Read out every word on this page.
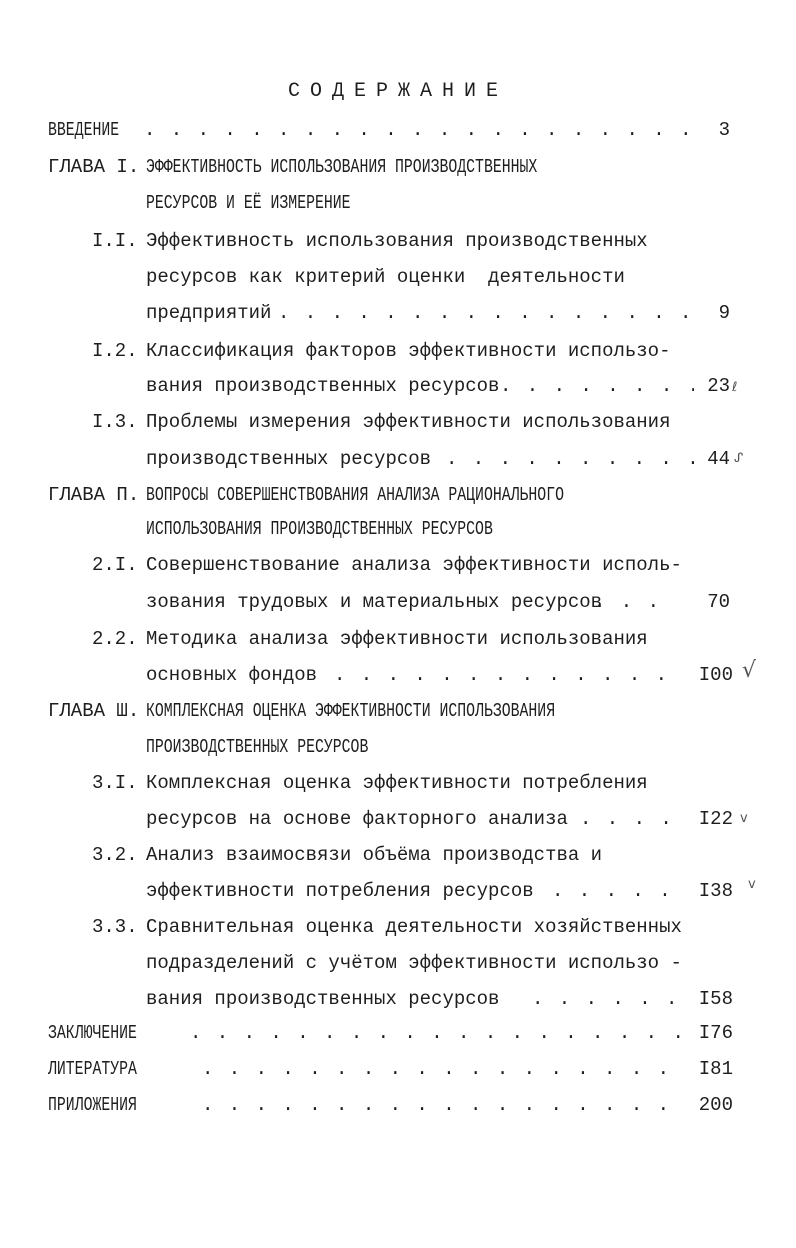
СОДЕРЖАНИЕ
ВВЕДЕНИЕ . . .	3
ГЛАВА I. ЭФФЕКТИВНОСТЬ ИСПОЛЬЗОВАНИЯ ПРОИЗВОДСТВЕННЫХ
РЕСУРСОВ И ЕЁ ИЗМЕРЕНИЕ
I.I. Эффективность использования производственных
ресурсов как критерий оценки  деятельности
предприятий . . .	9
I.2. Классификация факторов эффективности использо-
вания производственных ресурсов . . .	23 ℓ
I.3. Проблемы измерения эффективности использования
производственных ресурсов . . .	44 ᔑ
ГЛАВА П. ВОПРОСЫ СОВЕРШЕНСТВОВАНИЯ АНАЛИЗА РАЦИОНАЛЬНОГО
ИСПОЛЬЗОВАНИЯ ПРОИЗВОДСТВЕННЫХ РЕСУРСОВ
2.I. Совершенствование анализа эффективности исполь-
зования трудовых и материальных ресурсов . . .	70
2.2. Методика анализа эффективности использования
основных фондов . . .	I00 √
ГЛАВА Ш. КОМПЛЕКСНАЯ ОЦЕНКА ЭФФЕКТИВНОСТИ ИСПОЛЬЗОВАНИЯ
ПРОИЗВОДСТВЕННЫХ РЕСУРСОВ
3.I. Комплексная оценка эффективности потребления
ресурсов на основе факторного анализа . . .	I22 v
3.2. Анализ взаимосвязи объёма производства и
эффективности потребления ресурсов . . .	I38 v
3.3. Сравнительная оценка деятельности хозяйственных
подразделений с учётом эффективности использо -
вания производственных ресурсов . . .	I58
ЗАКЛЮЧЕНИЕ . . .	I76
ЛИТЕРАТУРА . . .	I81
ПРИЛОЖЕНИЯ . . .	200
